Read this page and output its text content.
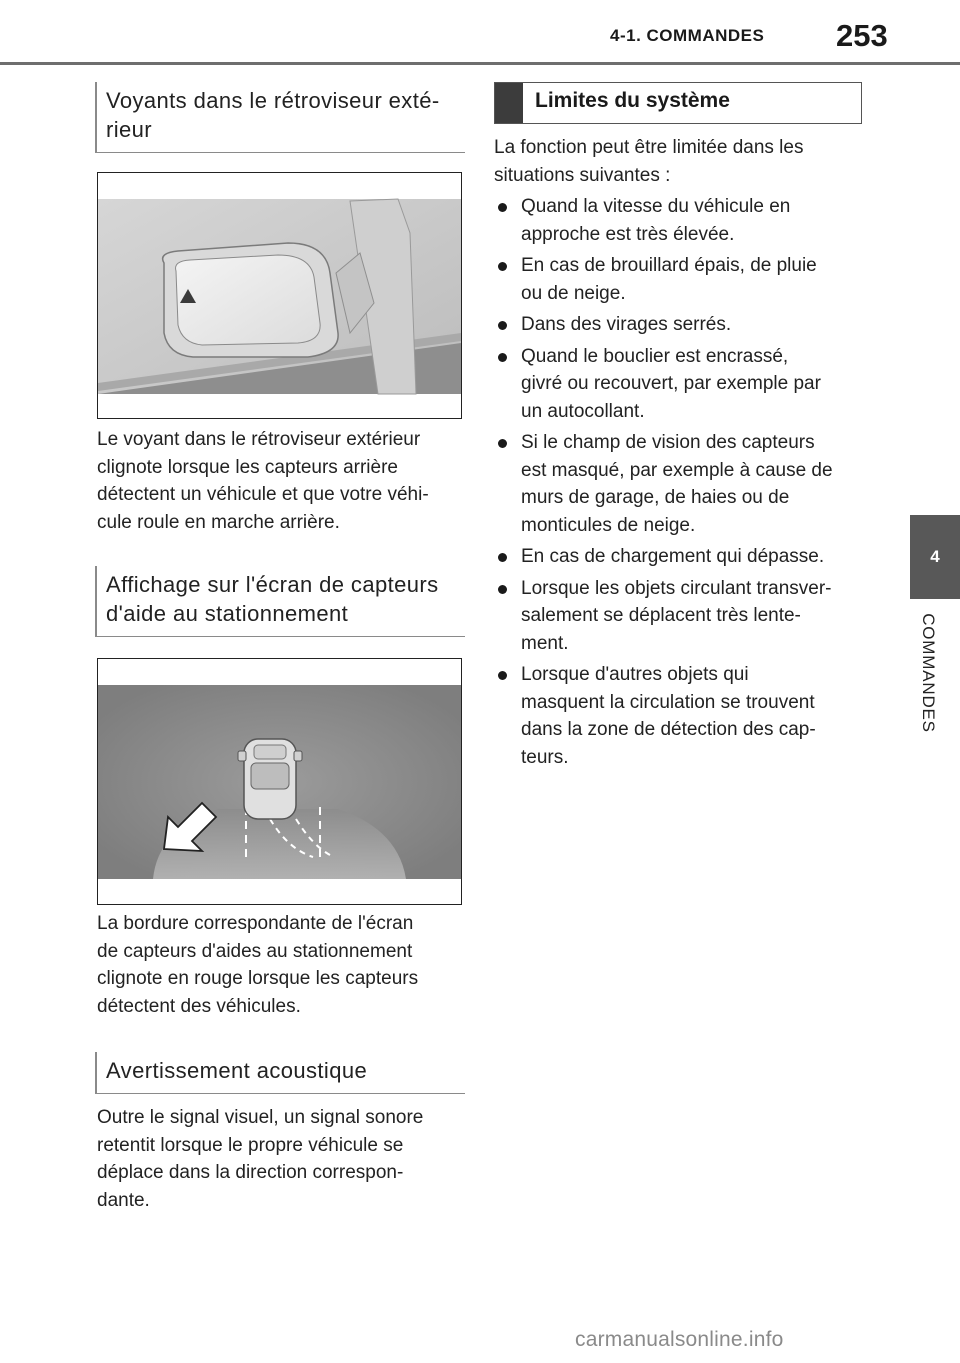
4-1. COMMANDES 253
4
COMMANDES
Voyants dans le rétroviseur exté-
rieur
Le voyant dans le rétroviseur extérieur
clignote lorsque les capteurs arrière
détectent un véhicule et que votre véhi-
cule roule en marche arrière.
Affichage sur l'écran de capteurs
d'aide au stationnement
La bordure correspondante de l'écran
de capteurs d'aides au stationnement
clignote en rouge lorsque les capteurs
détectent des véhicules.
Avertissement acoustique
Outre le signal visuel, un signal sonore
retentit lorsque le propre véhicule se
déplace dans la direction correspon-
dante.
Limites du système
La fonction peut être limitée dans les
situations suivantes :
Quand la vitesse du véhicule en
approche est très élevée.
En cas de brouillard épais, de pluie
ou de neige.
Dans des virages serrés.
Quand le bouclier est encrassé,
givré ou recouvert, par exemple par
un autocollant.
Si le champ de vision des capteurs
est masqué, par exemple à cause de
murs de garage, de haies ou de
monticules de neige.
En cas de chargement qui dépasse.
Lorsque les objets circulant transver-
salement se déplacent très lente-
ment.
Lorsque d'autres objets qui
masquent la circulation se trouvent
dans la zone de détection des cap-
teurs.
carmanualsonline.info
